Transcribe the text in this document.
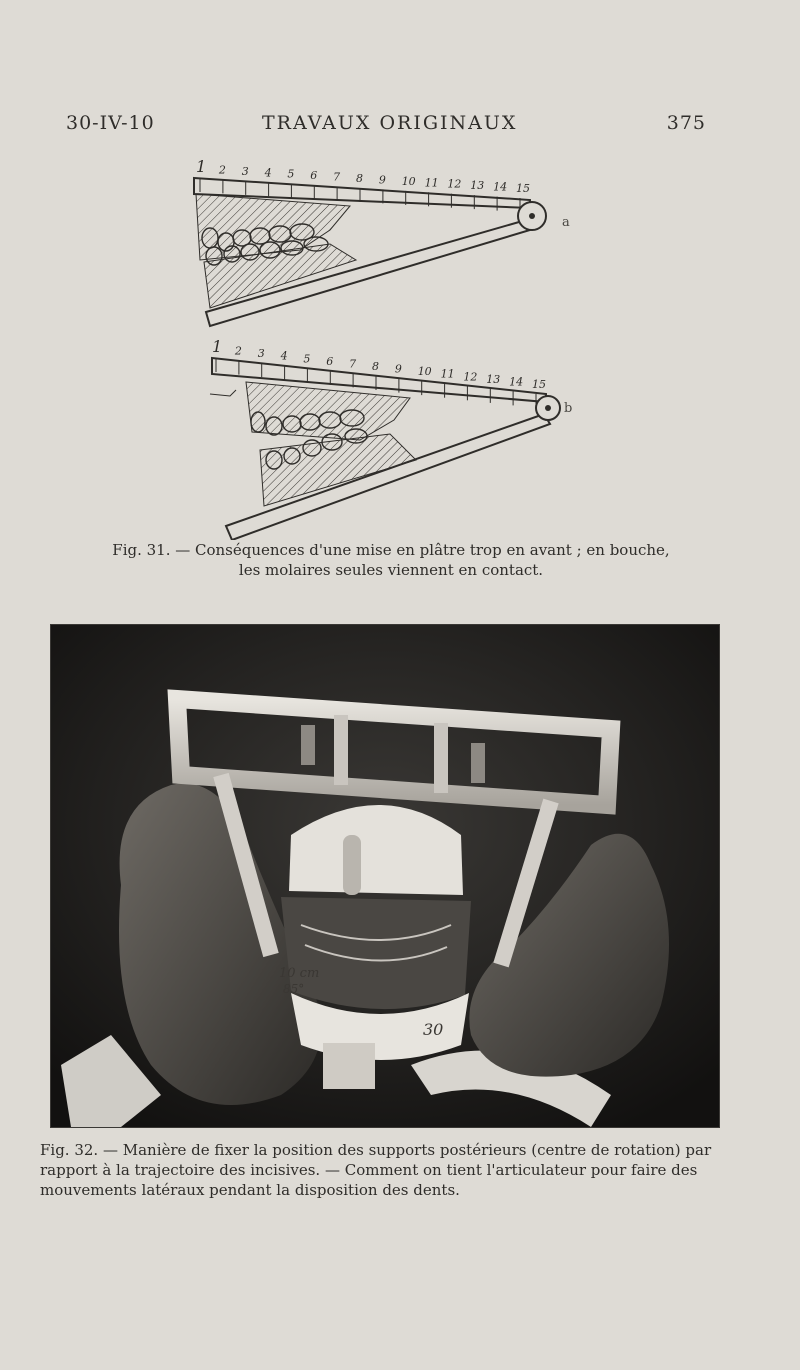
30-IV-10	TRAVAUX ORIGINAUX	375
1 2 3 4 5 6 7 8 9 10 11 12 13 14 15
a
1 2 3 4 5 6 7 8 9 10 11 12 13 14 15
b
Fig. 31. — Conséquences d'une mise en plâtre trop en avant ; en bouche,
les molaires seules viennent en contact.
10 cm
85°
30
Fig. 32. — Manière de fixer la position des supports postérieurs (centre de rotation) par
rapport à la trajectoire des incisives. — Comment on tient l'articulateur pour faire des
mouvements latéraux pendant la disposition des dents.
